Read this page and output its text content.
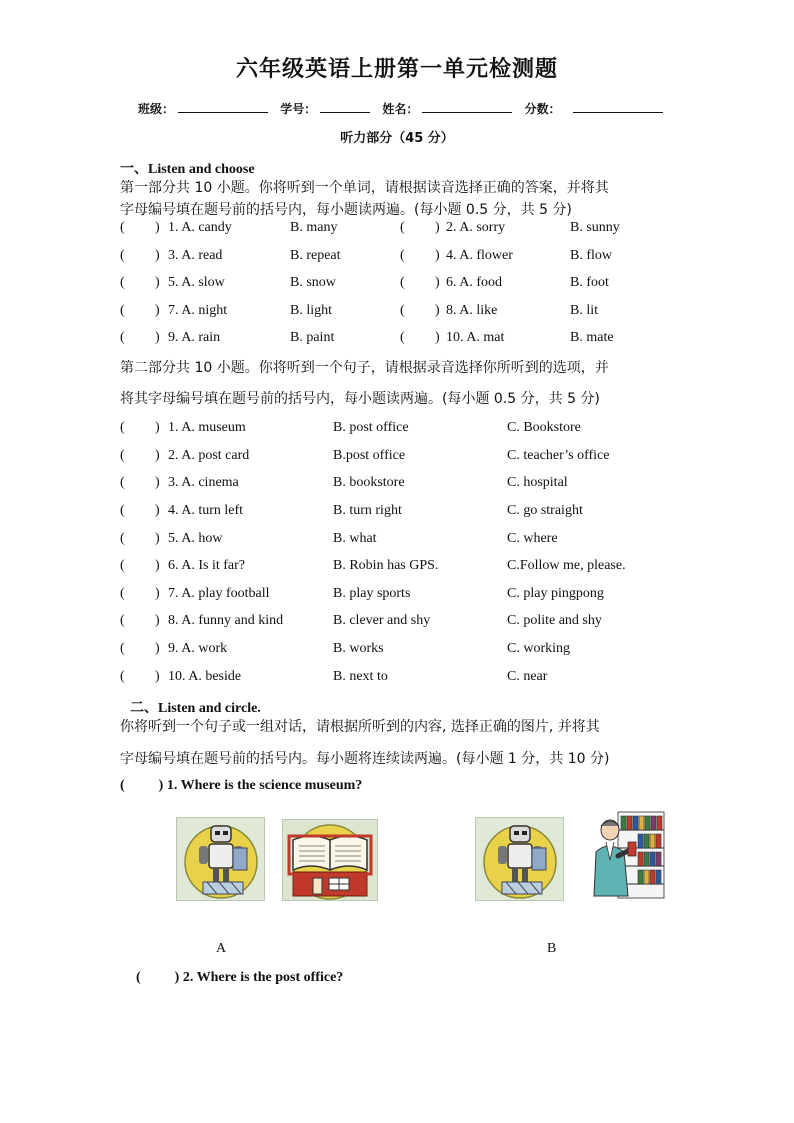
六年级英语上册第一单元检测题
班级：	学号：	姓名：	分数：
听力部分（45 分）
一、Listen and choose
第一部分共 10 小题。你将听到一个单词，请根据读音选择正确的答案，并将其
字母编号填在题号前的括号内，每小题读两遍。(每小题 0.5 分，共 5 分)
( ) 1. A. candy	B. many	( ) 2. A. sorry	B. sunny
( ) 3. A. read	B. repeat	( ) 4. A. flower	B. flow
( ) 5. A. slow	B. snow	( ) 6. A. food	B. foot
( ) 7. A. night	B. light	( ) 8. A. like	B. lit
( ) 9. A. rain	B. paint	( ) 10. A. mat	B. mate
第二部分共 10 小题。你将听到一个句子，请根据录音选择你所听到的选项，并
将其字母编号填在题号前的括号内，每小题读两遍。(每小题 0.5 分，共 5 分)
( ) 1. A. museum	B. post office	C. Bookstore
( ) 2. A. post card	B.post office	C. teacher’s office
( ) 3. A. cinema	B. bookstore	C. hospital
( ) 4. A. turn left	B. turn right	C. go straight
( ) 5. A. how	B. what	C. where
( ) 6. A. Is it far?	B. Robin has GPS.	C.Follow me, please.
( ) 7. A. play football	B. play sports	C. play pingpong
( ) 8. A. funny and kind	B. clever and shy	C. polite and shy
( ) 9. A. work	B. works	C. working
( ) 10. A. beside	B. next to	C. near
二、Listen and circle.
你将听到一个句子或一组对话，请根据所听到的内容, 选择正确的图片, 并将其
字母编号填在题号前的括号内。每小题将连续读两遍。(每小题 1 分，共 10 分)
( ) 1. Where is the science museum?
A	B
( ) 2. Where is the post office?
